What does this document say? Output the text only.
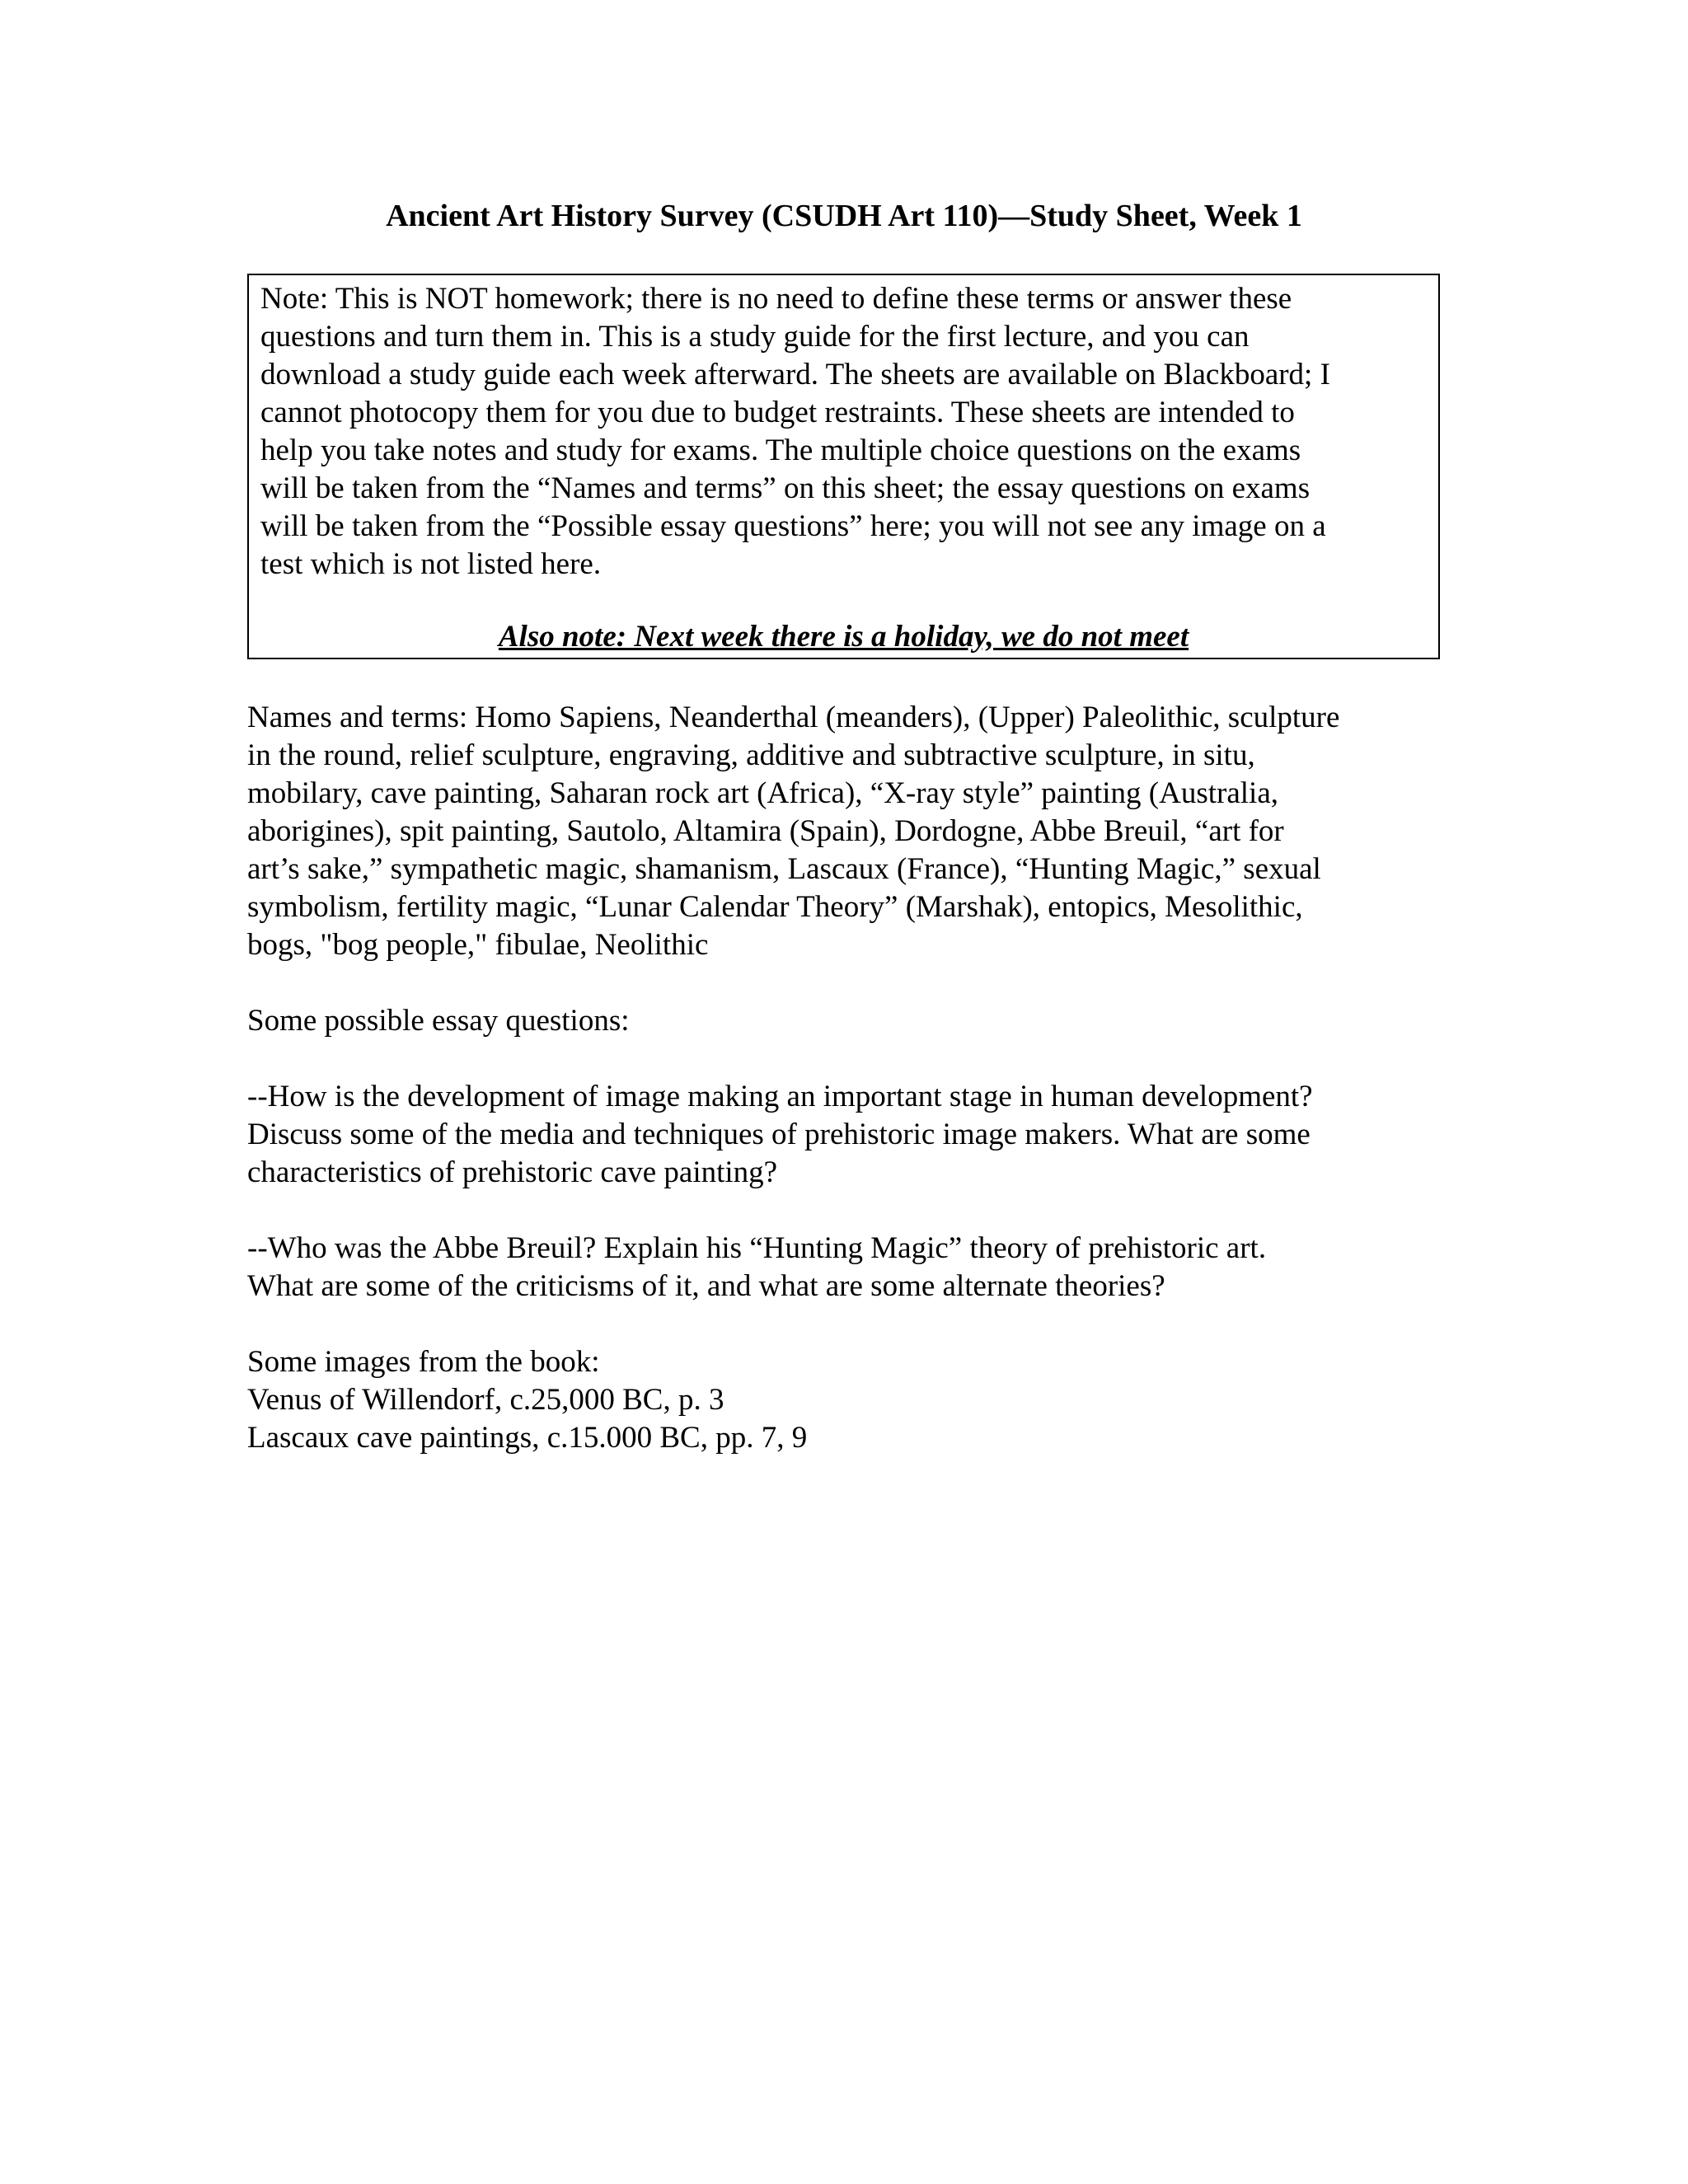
Ancient Art History Survey (CSUDH Art 110)—Study Sheet, Week 1

Note: This is NOT homework; there is no need to define these terms or answer these
questions and turn them in. This is a study guide for the first lecture, and you can
download a study guide each week afterward. The sheets are available on Blackboard; I
cannot photocopy them for you due to budget restraints. These sheets are intended to
help you take notes and study for exams. The multiple choice questions on the exams
will be taken from the “Names and terms” on this sheet; the essay questions on exams
will be taken from the “Possible essay questions” here; you will not see any image on a
test which is not listed here.

Also note: Next week there is a holiday, we do not meet

Names and terms: Homo Sapiens, Neanderthal (meanders), (Upper) Paleolithic, sculpture
in the round, relief sculpture, engraving, additive and subtractive sculpture, in situ,
mobilary, cave painting, Saharan rock art (Africa), “X-ray style” painting (Australia,
aborigines), spit painting, Sautolo, Altamira (Spain), Dordogne, Abbe Breuil, “art for
art’s sake,” sympathetic magic, shamanism, Lascaux (France), “Hunting Magic,” sexual
symbolism, fertility magic, “Lunar Calendar Theory” (Marshak), entopics, Mesolithic,
bogs, "bog people," fibulae, Neolithic

Some possible essay questions:

--How is the development of image making an important stage in human development?
Discuss some of the media and techniques of prehistoric image makers. What are some
characteristics of prehistoric cave painting?

--Who was the Abbe Breuil? Explain his “Hunting Magic” theory of prehistoric art.
What are some of the criticisms of it, and what are some alternate theories?

Some images from the book:
Venus of Willendorf, c.25,000 BC, p. 3
Lascaux cave paintings, c.15.000 BC, pp. 7, 9
